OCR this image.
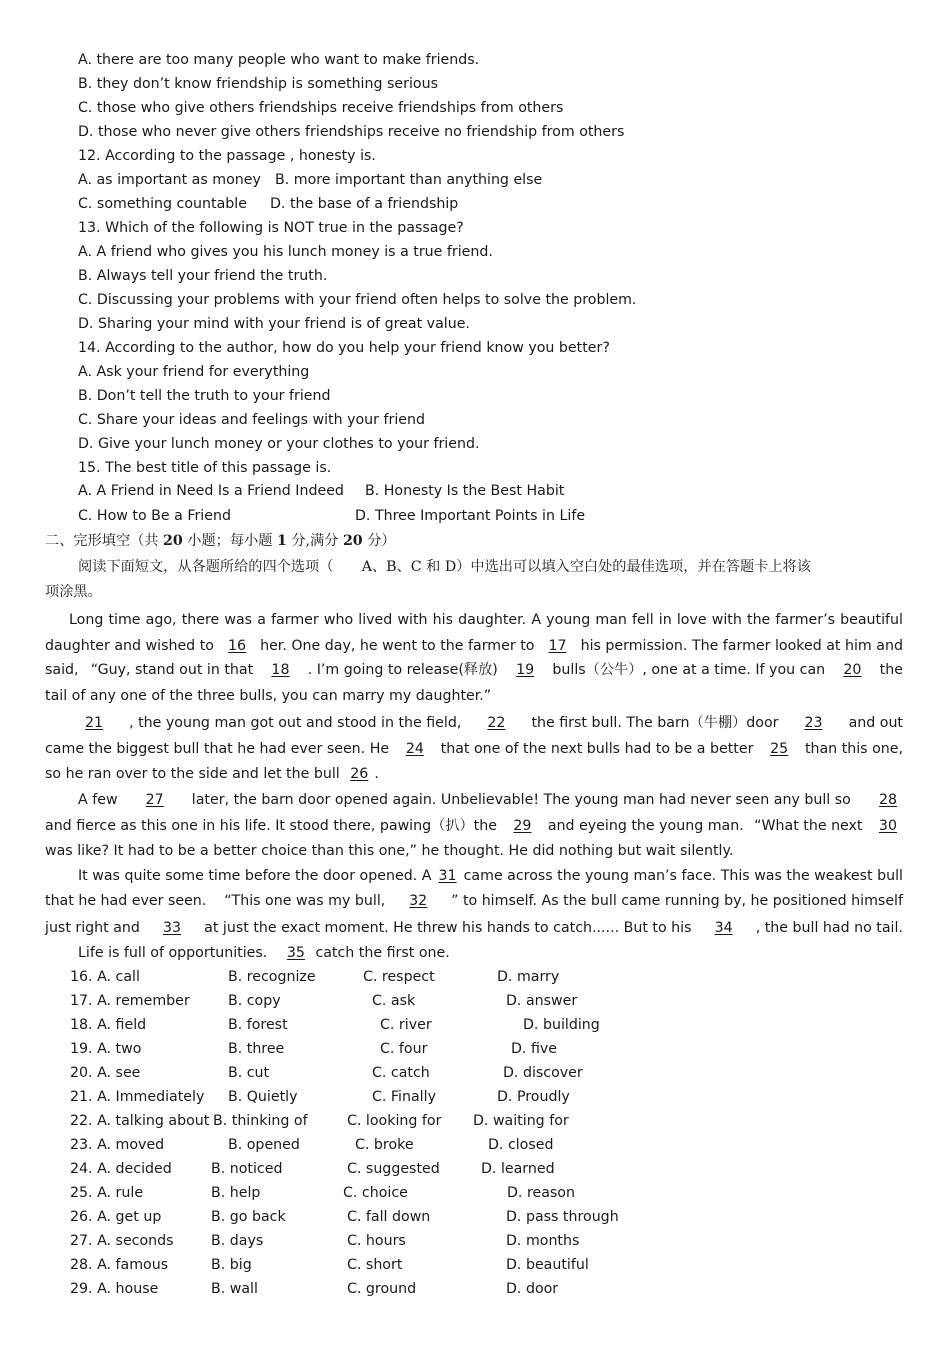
A. there are too many people who want to make friends.
B. they don’t know friendship is something serious
C. those who give others friendships receive friendships from others
D. those who never give others friendships receive no friendship from others
12. According to the passage , honesty is.
A. as important as money B. more important than anything else
C. something countable D. the base of a friendship
13. Which of the following is NOT true in the passage?
A. A friend who gives you his lunch money is a true friend.
B. Always tell your friend the truth.
C. Discussing your problems with your friend often helps to solve the problem.
D. Sharing your mind with your friend is of great value.
14. According to the author, how do you help your friend know you better?
A. Ask your friend for everything
B. Don’t tell the truth to your friend
C. Share your ideas and feelings with your friend
D. Give your lunch money or your clothes to your friend.
15. The best title of this passage is.
A. A Friend in Need Is a Friend Indeed B. Honesty Is the Best Habit
C. How to Be a Friend	D. Three Important Points in Life
二、完形填空（共 20 小题；每小题 1 分,满分 20 分）
阅读下面短文，从各题所给的四个选项（　　A、B、C 和 D）中选出可以填入空白处的最佳选项，并在答题卡上将该
项涂黑。
Long time ago, there was a farmer who lived with his daughter. A young man fell in love with the farmer’s beautiful
daughter and wished to 16 her. One day, he went to the farmer to 17 his permission. The farmer looked at him and
said, “Guy, stand out in that	18	. I’m going to release(释放)	19	bulls（公牛）, one at a time. If you can	20	the
tail of any one of the three bulls, you can marry my daughter.”
21	, the young man got out and stood in the field,	22	the first bull. The barn（牛棚）door	23	and out
came the biggest bull that he had ever seen. He	24	that one of the next bulls had to be a better	25	than this one,
so he ran over to the side and let the bull
26 .
A few	27	later, the barn door opened again. Unbelievable! The young man had never seen any bull so	28
and fierce as this one in his life. It stood there, pawing（扒）the	29	and eyeing the young man. “What the next	30
was like? It had to be a better choice than this one,” he thought. He did nothing but wait silently.
It was quite some time before the door opened. A 31 came across the young man’s face. This was the weakest bull
that he had ever seen. “This one was my bull,	32	” to himself. As the bull came running by, he positioned himself
just right and	33	at just the exact moment. He threw his hands to catch...... But to his	34	, the bull had no tail.
Life is full of opportunities.
	35
catch the first one.
16. A. call	B. recognize	C. respect	D. marry
17. A. remember	B. copy	C. ask	D. answer
18. A. field	B. forest	C. river	D. building
19. A. two	B. three	C. four	D. five
20. A. see	B. cut	C. catch	D. discover
21. A. Immediately B. Quietly	C. Finally	D. Proudly
22. A. talking about B. thinking of	C. looking for D. waiting for
23. A. moved	B. opened	C. broke	D. closed
24. A. decided	B. noticed	C. suggested	D. learned
25. A. rule	B. help	C. choice	D. reason
26. A. get up	B. go back	C. fall down	D. pass through
27. A. seconds	B. days	C. hours	D. months
28. A. famous	B. big	C. short	D. beautiful
29. A. house	B. wall	C. ground	D. door
